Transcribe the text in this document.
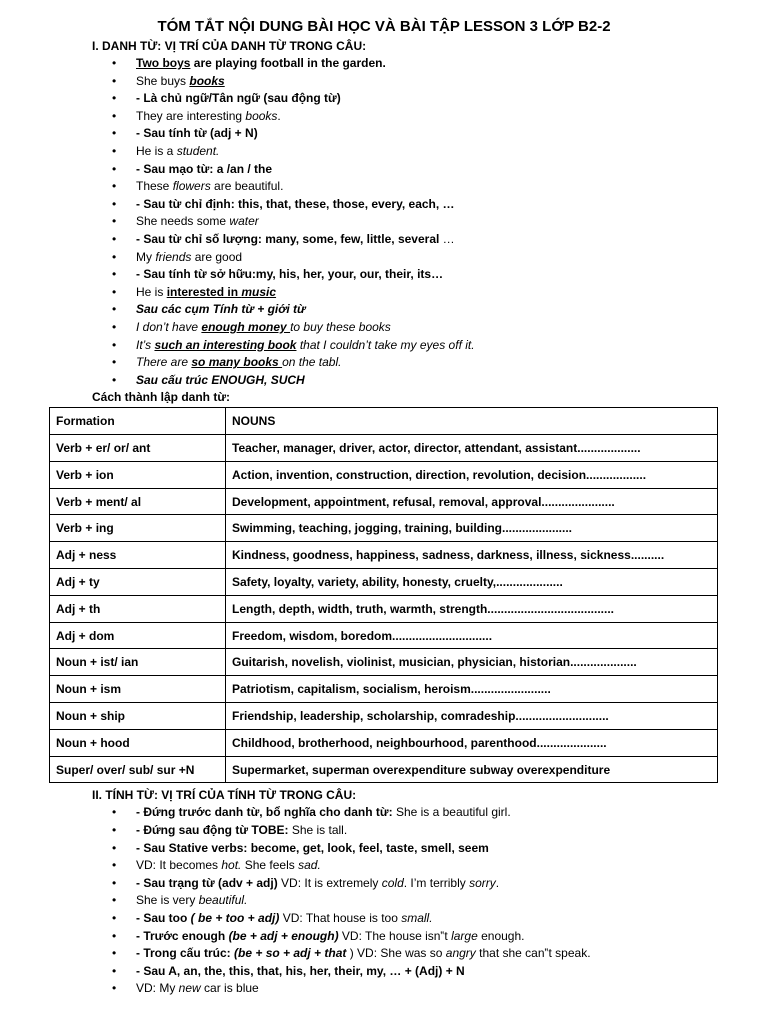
TÓM TẮT NỘI DUNG BÀI HỌC VÀ BÀI TẬP LESSON 3 LỚP B2-2
I. DANH TỪ: VỊ TRÍ CỦA DANH TỪ TRONG CÂU:
• Two boys are playing football in the garden.
• She buys books
• - Là chủ ngữ/Tân ngữ (sau động từ)
• They are interesting books.
• - Sau tính từ (adj + N)
• He is a student.
• - Sau mạo từ: a /an / the
• These flowers are beautiful.
• - Sau từ chỉ định: this, that, these, those, every, each, …
• She needs some water
• - Sau từ chỉ số lượng: many, some, few, little, several …
• My friends are good
• - Sau tính từ sở hữu:my, his, her, your, our, their, its…
• He is interested in music
• Sau các cụm Tính từ + giới từ
• I don’t have enough money to buy these books
• It’s such an interesting book that I couldn’t take my eyes off it.
• There are so many books on the tabl.
• Sau cấu trúc ENOUGH, SUCH
Cách thành lập danh từ:
Formation	NOUNS
Verb + er/ or/ ant	Teacher, manager, driver, actor, director, attendant, assistant...................
Verb + ion	Action, invention, construction, direction, revolution, decision..................
Verb + ment/ al	Development, appointment, refusal, removal, approval......................
Verb + ing	Swimming, teaching, jogging, training, building.....................
Adj + ness	Kindness, goodness, happiness, sadness, darkness, illness, sickness..........
Adj + ty	Safety, loyalty, variety, ability, honesty, cruelty,....................
Adj + th	Length, depth, width, truth, warmth, strength......................................
Adj + dom	Freedom, wisdom, boredom..............................
Noun + ist/ ian	Guitarish, novelish, violinist, musician, physician, historian....................
Noun + ism	Patriotism, capitalism, socialism, heroism........................
Noun + ship	Friendship, leadership, scholarship, comradeship............................
Noun + hood	Childhood, brotherhood, neighbourhood, parenthood.....................
Super/ over/ sub/ sur +N	Supermarket, superman overexpenditure subway overexpenditure
II. TÍNH TỪ: VỊ TRÍ CỦA TÍNH TỪ TRONG CÂU:
• - Đứng trước danh từ, bổ nghĩa cho danh từ: She is a beautiful girl.
• - Đứng sau động từ TOBE: She is tall.
• - Sau Stative verbs: become, get, look, feel, taste, smell, seem
• VD: It becomes hot. She feels sad.
• - Sau trạng từ (adv + adj) VD: It is extremely cold. I’m terribly sorry.
• She is very beautiful.
• - Sau too ( be + too + adj) VD: That house is too small.
• - Trước enough (be + adj + enough) VD: The house isn‟t large enough.
• - Trong cấu trúc: (be + so + adj + that ) VD: She was so angry that she can‟t speak.
• - Sau A, an, the, this, that, his, her, their, my, … + (Adj) + N
• VD: My new car is blue
